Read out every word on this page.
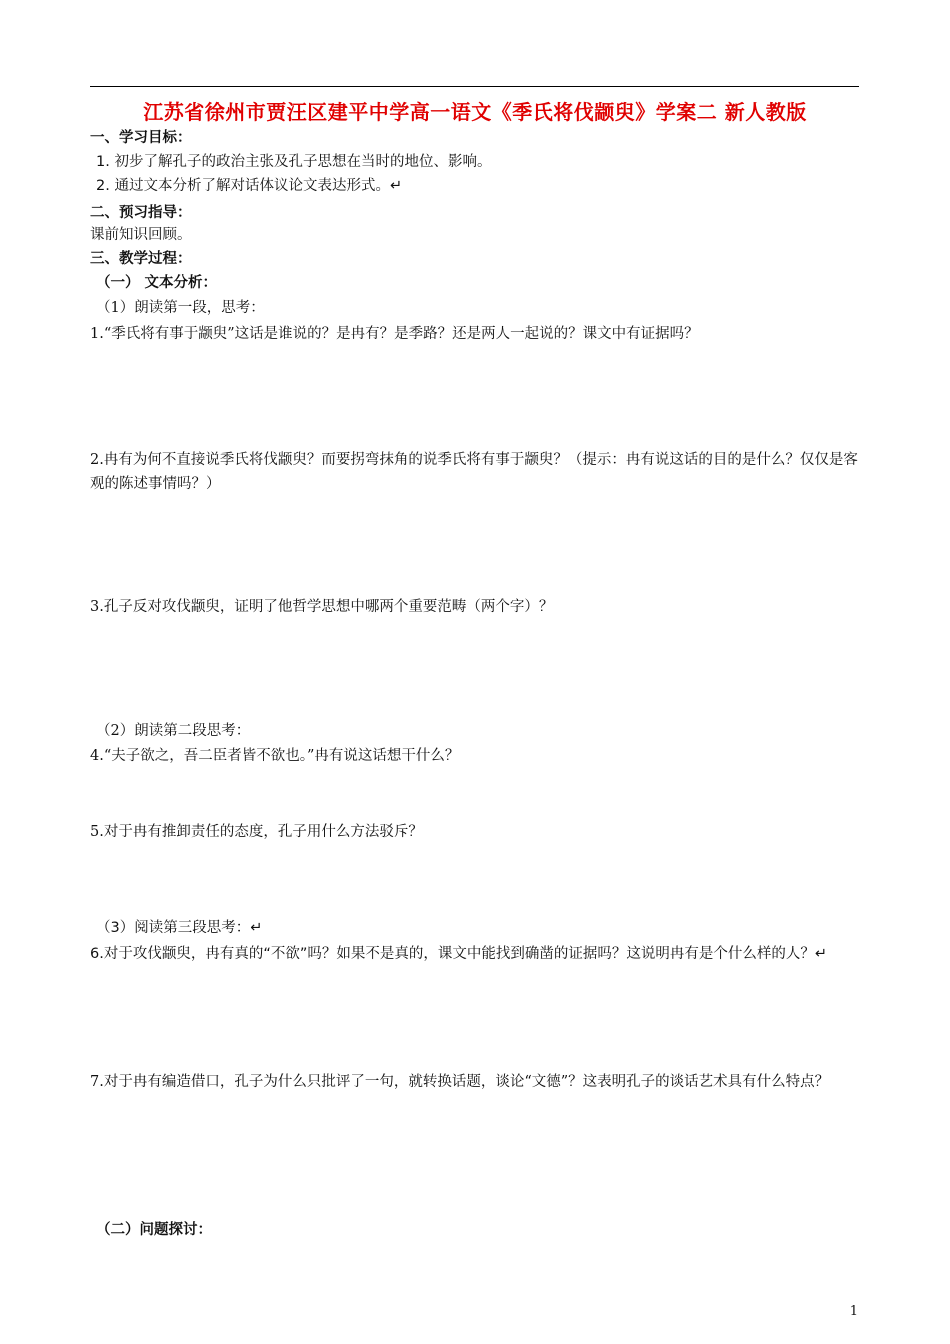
江苏省徐州市贾汪区建平中学高一语文《季氏将伐颛臾》学案二 新人教版
一、学习目标：
1. 初步了解孔子的政治主张及孔子思想在当时的地位、影响。
2. 通过文本分析了解对话体议论文表达形式。↵
二、预习指导：
课前知识回顾。
三、教学过程：
（一） 文本分析：
（1）朗读第一段，思考：
1.“季氏将有事于颛臾”这话是谁说的？是冉有？是季路？还是两人一起说的？课文中有证据吗？
2.冉有为何不直接说季氏将伐颛臾？而要拐弯抹角的说季氏将有事于颛臾？（提示：冉有说这话的目的是什么？仅仅是客观的陈述事情吗？）
3.孔子反对攻伐颛臾，证明了他哲学思想中哪两个重要范畴（两个字）？
（2）朗读第二段思考：
4.“夫子欲之，吾二臣者皆不欲也。”冉有说这话想干什么？
5.对于冉有推卸责任的态度，孔子用什么方法驳斥？
（3）阅读第三段思考：↵
6.对于攻伐颛臾，冉有真的“不欲”吗？如果不是真的，课文中能找到确凿的证据吗？这说明冉有是个什么样的人？↵
7.对于冉有编造借口，孔子为什么只批评了一句，就转换话题，谈论“文德”？这表明孔子的谈话艺术具有什么特点？
（二）问题探讨：
1
